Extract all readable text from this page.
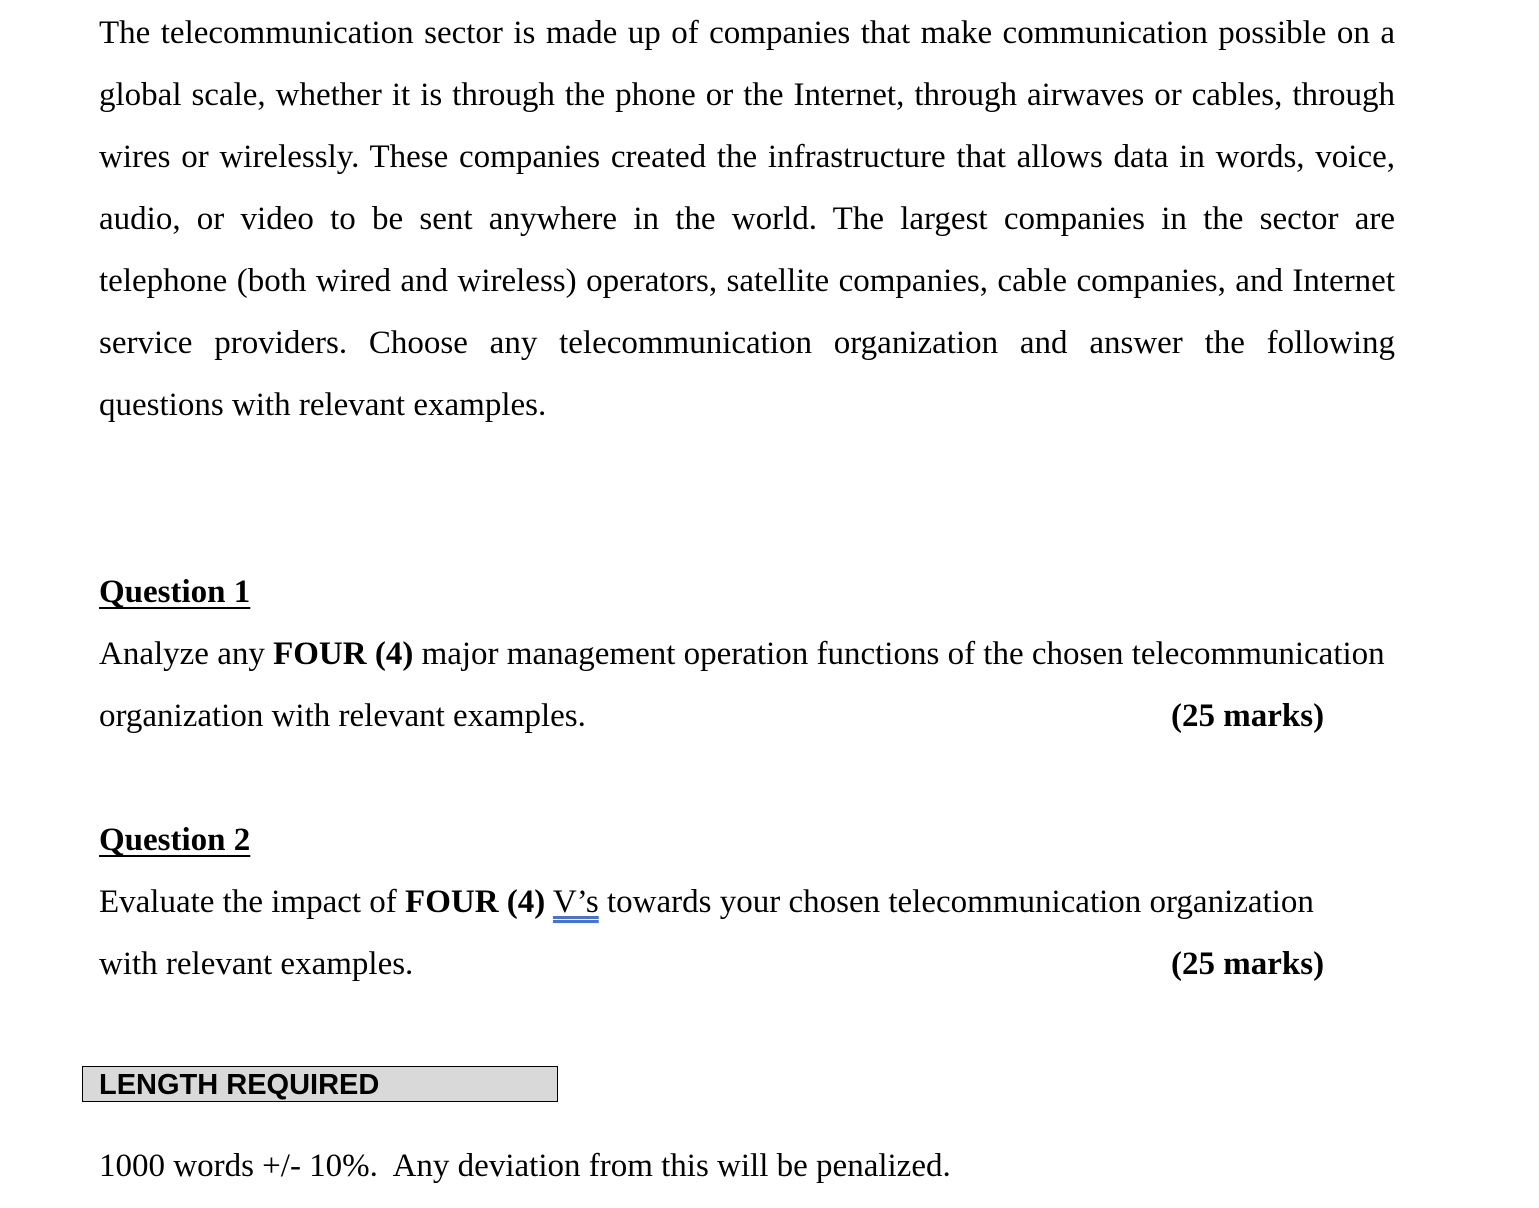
The telecommunication sector is made up of companies that make communication possible on a global scale, whether it is through the phone or the Internet, through airwaves or cables, through wires or wirelessly. These companies created the infrastructure that allows data in words, voice, audio, or video to be sent anywhere in the world. The largest companies in the sector are telephone (both wired and wireless) operators, satellite companies, cable companies, and Internet service providers. Choose any telecommunication organization and answer the following questions with relevant examples.

Question 1

Analyze any FOUR (4) major management operation functions of the chosen telecommunication

organization with relevant examples.	(25 marks)

Question 2

Evaluate the impact of FOUR (4) V’s towards your chosen telecommunication organization

with relevant examples.	(25 marks)

LENGTH REQUIRED

1000 words +/- 10%.  Any deviation from this will be penalized.
